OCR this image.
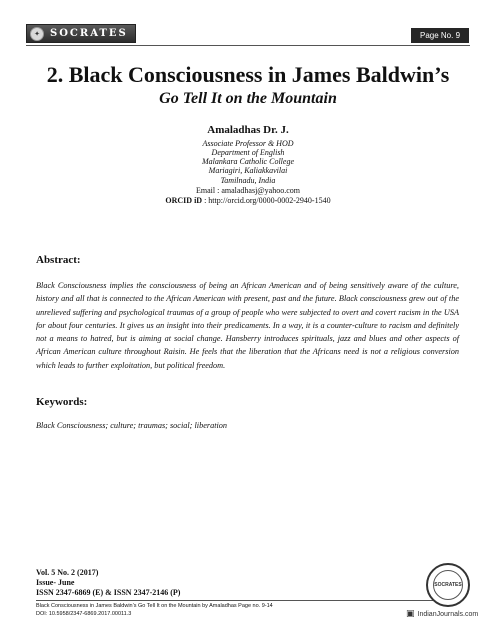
✦	SOCRATES	Page No. 9
2. Black Consciousness in James Baldwin’s
Go Tell It on the Mountain
Amaladhas Dr. J.
Associate Professor & HOD
Department of English
Malankara Catholic College
Mariagiri, Kaliakkavilai
Tamilnadu, India
Email : amaladhasj@yahoo.com
ORCID iD : http://orcid.org/0000-0002-2940-1540
Abstract:

Black Consciousness implies the consciousness of being an African American and of being sensitively aware of the culture, history and all that is connected to the African American with present, past and the future. Black consciousness grew out of the unrelieved suffering and psychological traumas of a group of people who were subjected to overt and covert racism in the USA for about four centuries. It gives us an insight into their predicaments. In a way, it is a counter-culture to racism and definitely not a means to hatred, but is aiming at social change. Hansberry introduces spirituals, jazz and blues and other aspects of African American culture throughout Raisin. He feels that the liberation that the Africans need is not a religious conversion which leads to further exploitation, but political freedom.

Keywords:
Black Consciousness; culture; traumas; social; liberation
Vol. 5 No. 2 (2017)
Issue- June
ISSN 2347-6869 (E) & ISSN 2347-2146 (P)
Black Consciousness in James Baldwin’s Go Tell It on the Mountain by Amaladhas Page no. 9-14
DOI: 10.5958/2347-6869.2017.00011.3
SOCRATES
▣ IndianJournals.com
